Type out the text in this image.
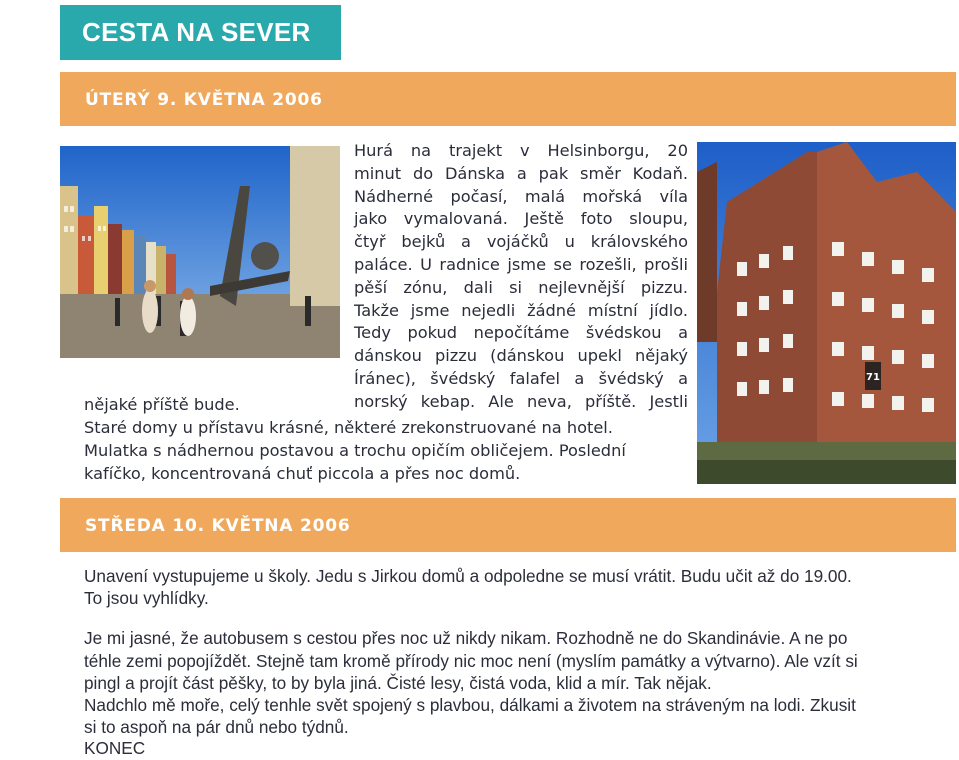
CESTA NA SEVER
ÚTERÝ 9. KVĚTNA 2006

Hurá na trajekt v Helsinborgu, 20
minut do Dánska a pak směr Kodaň.
Nádherné počasí, malá mořská víla
jako vymalovaná. Ještě foto sloupu,
čtyř bejků a vojáčků u královského
paláce. U radnice jsme se rozešli, prošli
pěší zónu, dali si nejlevnější pizzu.
Takže jsme nejedli žádné místní jídlo.
Tedy pokud nepočítáme švédskou a
dánskou pizzu (dánskou upekl nějaký
Íránec), švédský falafel a švédský a
norský kebap. Ale neva, příště. Jestli

nějaké příště bude.

Staré domy u přístavu krásné, některé zrekonstruované na hotel.

Mulatka s nádhernou postavou a trochu opičím obličejem. Poslední

kafíčko, koncentrovaná chuť piccola a přes noc domů.

71
STŘEDA 10. KVĚTNA 2006

Unavení vystupujeme u školy. Jedu s Jirkou domů a odpoledne se musí vrátit. Budu učit až do 19.00.

To jsou vyhlídky.

Je mi jasné, že autobusem s cestou přes noc už nikdy nikam. Rozhodně ne do Skandinávie. A ne po

téhle zemi popojíždět. Stejně tam kromě přírody nic moc není (myslím památky a výtvarno). Ale vzít si

pingl a projít část pěšky, to by byla jiná. Čisté lesy, čistá voda, klid a mír. Tak nějak.

Nadchlo mě moře, celý tenhle svět spojený s plavbou, dálkami a životem na stráveným na lodi. Zkusit

si to aspoň na pár dnů nebo týdnů.

KONEC
